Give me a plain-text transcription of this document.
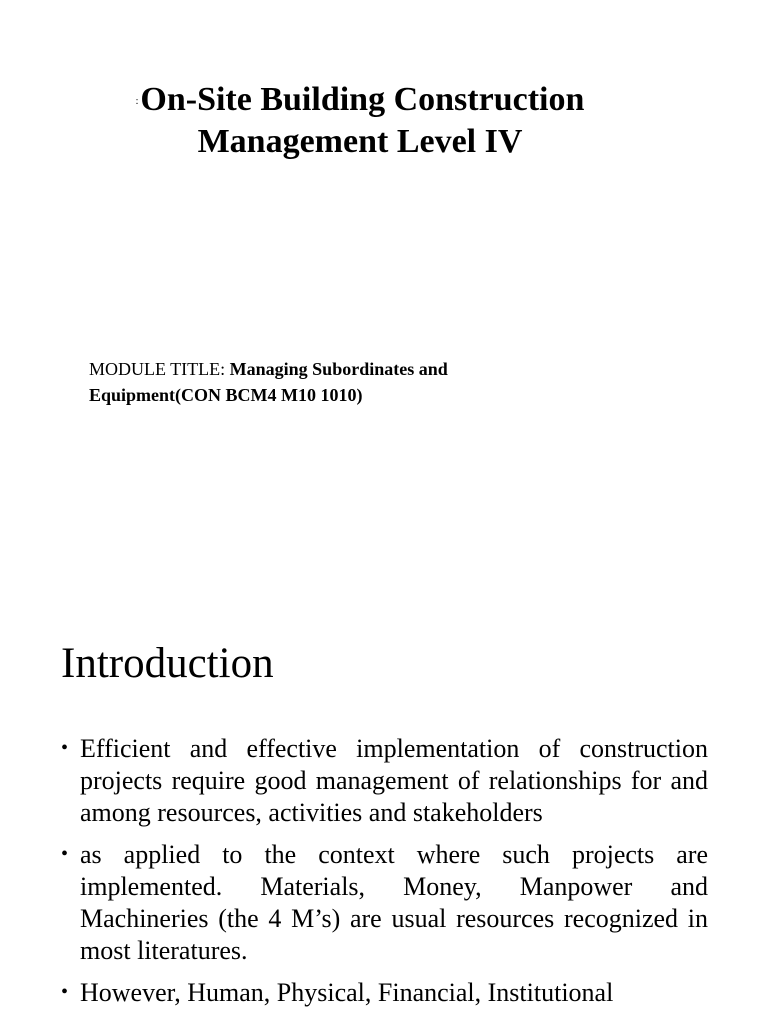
:On-Site Building Construction

Management Level IV

MODULE TITLE: Managing Subordinates and Equipment(CON BCM4 M10 1010)
Introduction
• Efficient and effective implementation of construction projects require good management of relationships for and among resources, activities and stakeholders
• as applied to the context where such projects are implemented. Materials, Money, Manpower and Machineries (the 4 M’s) are usual resources recognized in most literatures.
• However, Human, Physical, Financial, Institutional
